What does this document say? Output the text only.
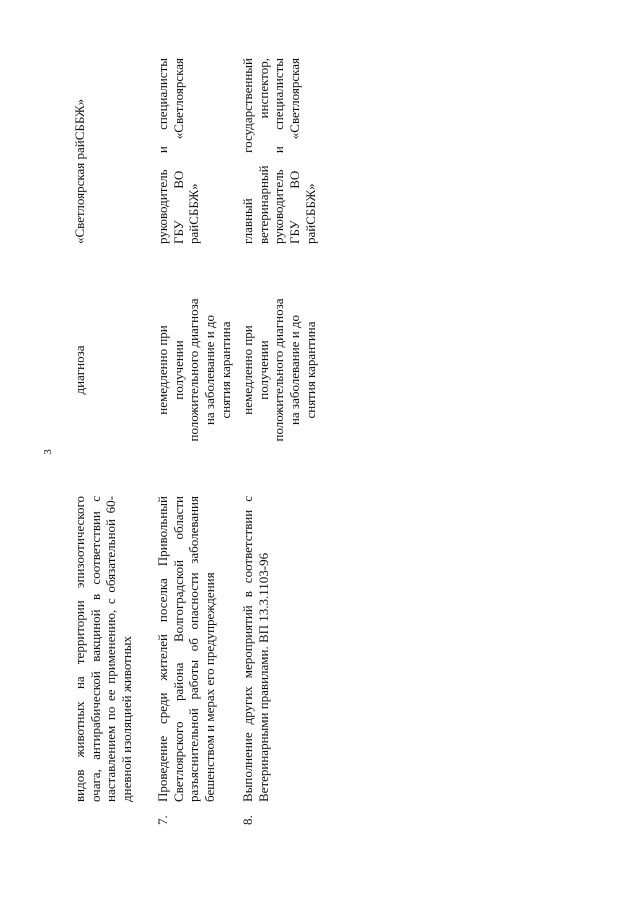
3
видов животных на территории эпизоотического очага, антирабической вакциной в соответствии с наставлением по ее применению, с обязательной 60-дневной изоляцией животных
диагноза
«Светлоярская райСББЖ»
7.
Проведение среди жителей поселка Привольный Светлоярского района Волгоградской области разъяснительной работы об опасности заболевания бешенством и мерах его предупреждения
немедленно при получении положительного диагноза на заболевание и до снятия карантина
руководитель и специалисты ГБУ ВО «Светлоярская райСББЖ»
8.
Выполнение других мероприятий в соответствии с Ветеринарными правилами. ВП 13.3.1103-96
немедленно при получении положительного диагноза на заболевание и до снятия карантина
главный государственный ветеринарный инспектор, руководитель и специалисты ГБУ ВО «Светлоярская райСББЖ»
